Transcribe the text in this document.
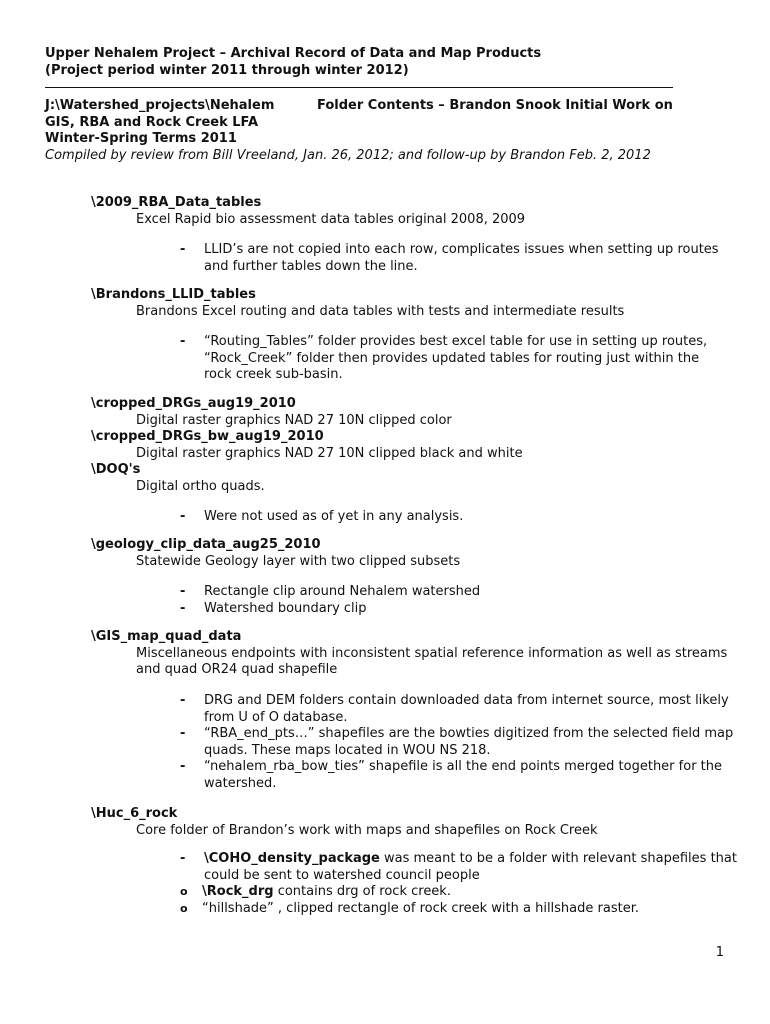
Upper Nehalem Project – Archival Record of Data and Map Products
(Project period winter 2011 through winter 2012)
J:\Watershed_projects\Nehalem	Folder Contents – Brandon Snook Initial Work on
GIS, RBA and Rock Creek LFA
Winter-Spring Terms 2011
Compiled by review from Bill Vreeland, Jan. 26, 2012; and follow-up by Brandon Feb. 2, 2012
\2009_RBA_Data_tables
Excel Rapid bio assessment data tables original 2008, 2009
-	LLID’s are not copied into each row, complicates issues when setting up routes and further tables down the line.
\Brandons_LLID_tables
Brandons Excel routing and data tables with tests and intermediate results
-	“Routing_Tables” folder provides best excel table for use in setting up routes, “Rock_Creek” folder then provides updated tables for routing just within the rock creek sub-basin.
\cropped_DRGs_aug19_2010
Digital raster graphics NAD 27 10N clipped color
\cropped_DRGs_bw_aug19_2010
Digital raster graphics NAD 27 10N clipped black and white
\DOQ's
Digital ortho quads.
-	Were not used as of yet in any analysis.
\geology_clip_data_aug25_2010
Statewide Geology layer with two clipped subsets
-	Rectangle clip around Nehalem watershed
-	Watershed boundary clip
\GIS_map_quad_data
Miscellaneous endpoints with inconsistent spatial reference information as well as streams and quad OR24 quad shapefile
-	DRG and DEM folders contain downloaded data from internet source, most likely from U of O database.
-	“RBA_end_pts…” shapefiles are the bowties digitized from the selected field map quads. These maps located in WOU NS 218.
-	“nehalem_rba_bow_ties” shapefile is all the end points merged together for the watershed.
\Huc_6_rock
Core folder of Brandon’s work with maps and shapefiles on Rock Creek
-	\COHO_density_package was meant to be a folder with relevant shapefiles that could be sent to watershed council people
o	\Rock_drg contains drg of rock creek.
o	“hillshade” , clipped rectangle of rock creek with a hillshade raster.
1
